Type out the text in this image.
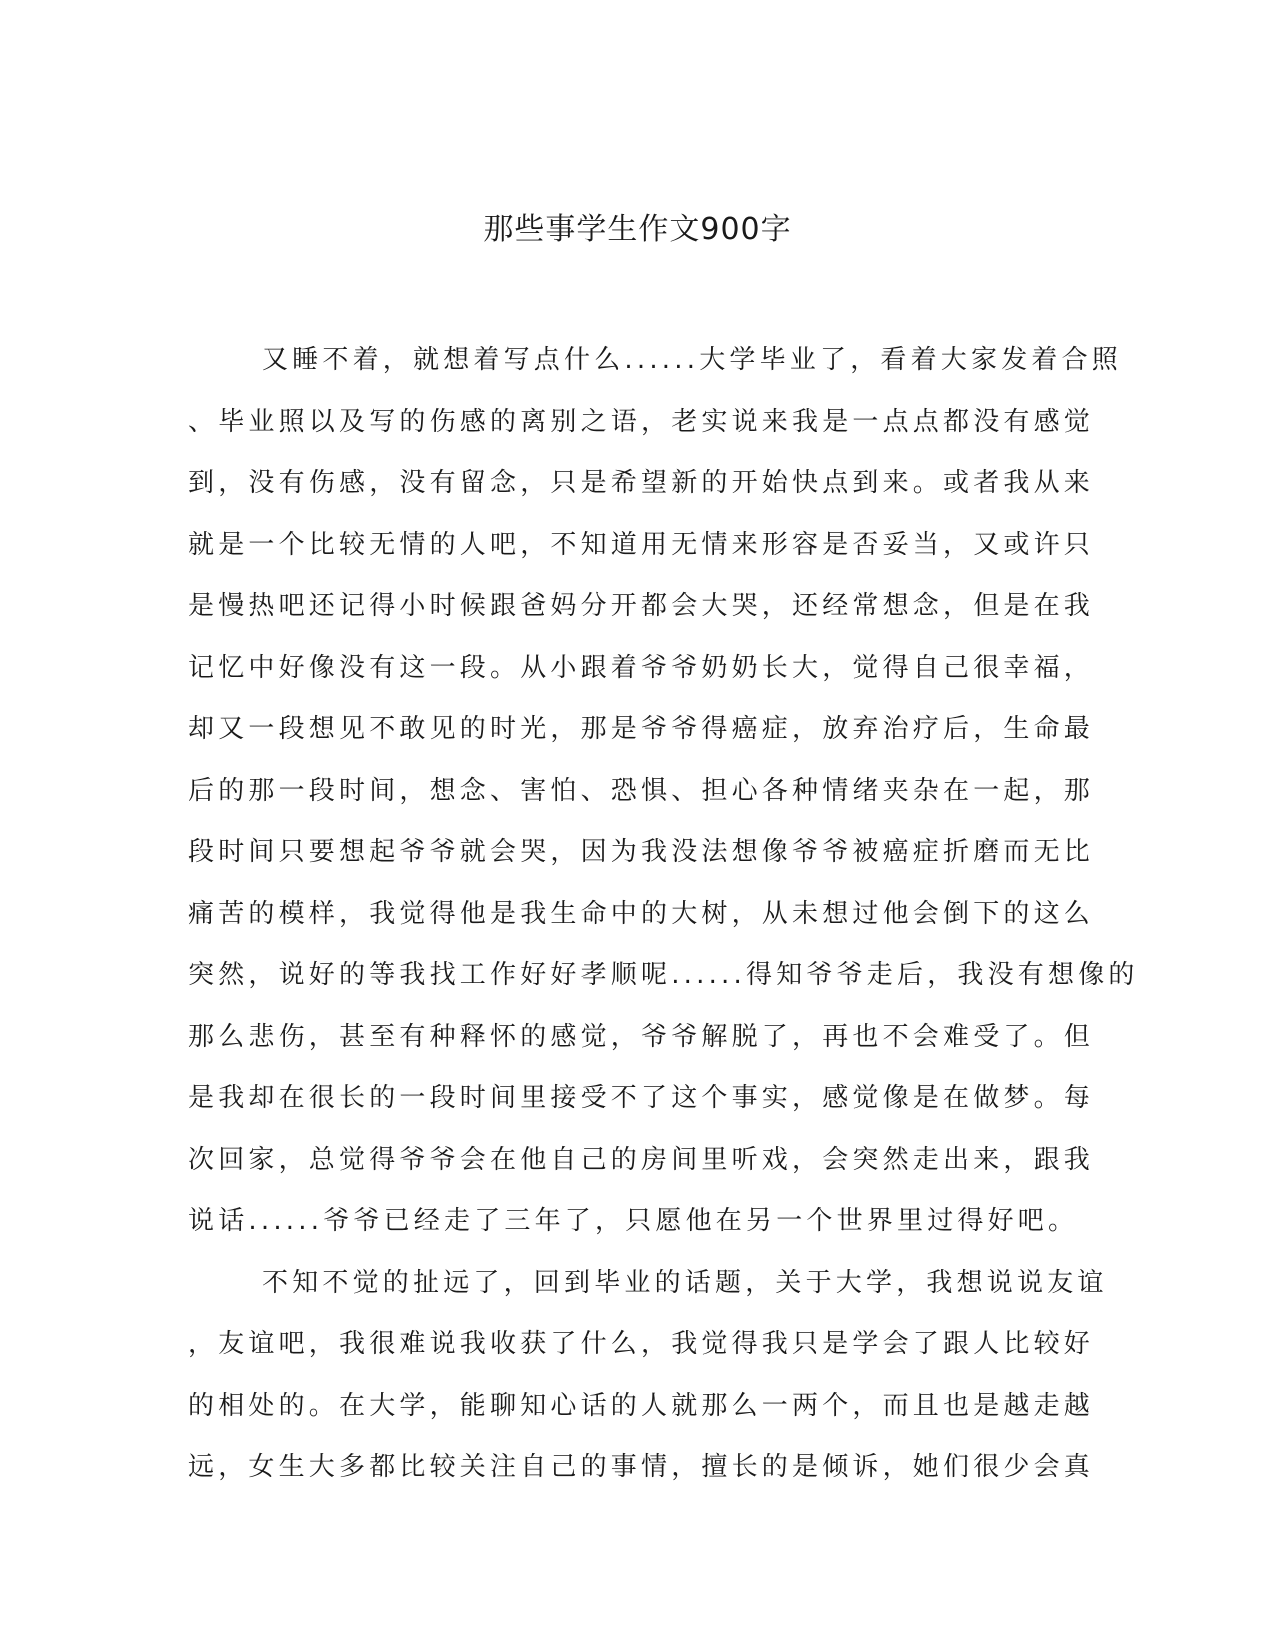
那些事学生作文900字
又睡不着，就想着写点什么......大学毕业了，看着大家发着合照
、毕业照以及写的伤感的离别之语，老实说来我是一点点都没有感觉
到，没有伤感，没有留念，只是希望新的开始快点到来。或者我从来
就是一个比较无情的人吧，不知道用无情来形容是否妥当，又或许只
是慢热吧还记得小时候跟爸妈分开都会大哭，还经常想念，但是在我
记忆中好像没有这一段。从小跟着爷爷奶奶长大，觉得自己很幸福，
却又一段想见不敢见的时光，那是爷爷得癌症，放弃治疗后，生命最
后的那一段时间，想念、害怕、恐惧、担心各种情绪夹杂在一起，那
段时间只要想起爷爷就会哭，因为我没法想像爷爷被癌症折磨而无比
痛苦的模样，我觉得他是我生命中的大树，从未想过他会倒下的这么
突然，说好的等我找工作好好孝顺呢......得知爷爷走后，我没有想像的
那么悲伤，甚至有种释怀的感觉，爷爷解脱了，再也不会难受了。但
是我却在很长的一段时间里接受不了这个事实，感觉像是在做梦。每
次回家，总觉得爷爷会在他自己的房间里听戏，会突然走出来，跟我
说话......爷爷已经走了三年了，只愿他在另一个世界里过得好吧。
不知不觉的扯远了，回到毕业的话题，关于大学，我想说说友谊
，友谊吧，我很难说我收获了什么，我觉得我只是学会了跟人比较好
的相处的。在大学，能聊知心话的人就那么一两个，而且也是越走越
远，女生大多都比较关注自己的事情，擅长的是倾诉，她们很少会真
